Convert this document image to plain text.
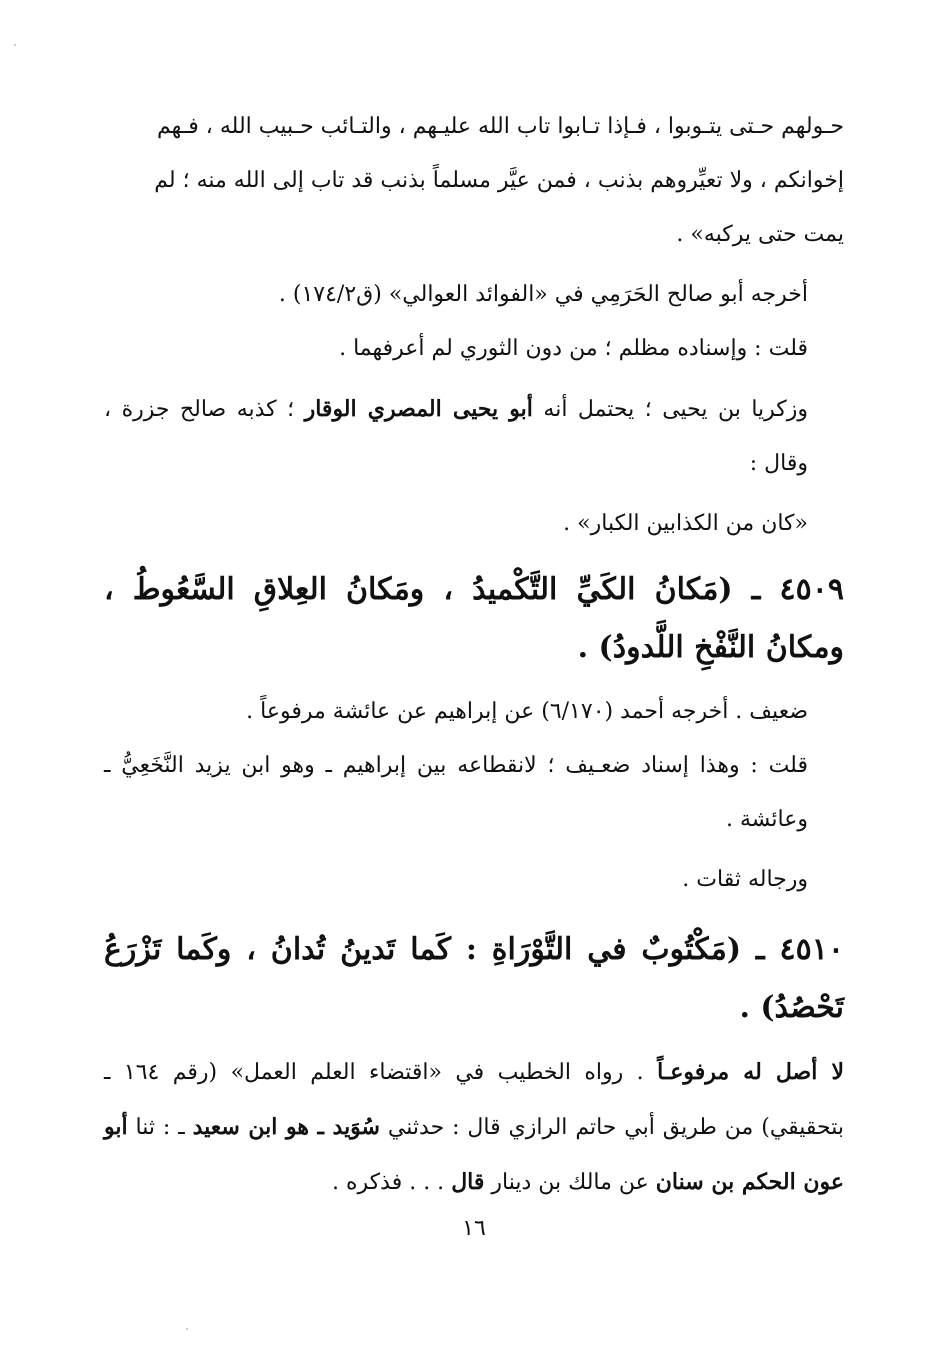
حـولهم حـتى يتـوبوا ، فـإذا تـابوا تاب الله عليـهم ، والتـائب حـبيب الله ، فـهم
إخوانكم ، ولا تعيِّروهم بذنب ، فمن عيَّر مسلماً بذنب قد تاب إلى الله منه ؛ لم
يمت حتى يركبه» .

أخرجه أبو صالح الحَرَمِي في «الفوائد العوالي» (ق١٧٤/٢) .

قلت : وإسناده مظلم ؛ من دون الثوري لم أعرفهما .

وزكريا بن يحيى ؛ يحتمل أنه أبو يحيى المصري الوقار ؛ كذبه صالح جزرة ، وقال :

«كان من الكذابين الكبار» .

٤٥٠٩ ـ (مَكانُ الكَيِّ التَّكْميدُ ، ومَكانُ العِلاقِ السَّعُوطُ ، ومكانُ النَّفْخِ اللَّدودُ) .

ضعيف . أخرجه أحمد (٦/١٧٠) عن إبراهيم عن عائشة مرفوعاً .

قلت : وهذا إسناد ضعـيف ؛ لانقطاعه بين إبراهيم ـ وهو ابن يزيد النَّخَعِيُّ ـ وعائشة .

ورجاله ثقات .

٤٥١٠ ـ (مَكْتُوبٌ في التَّوْرَاةِ : كَما تَدينُ تُدانُ ، وكَما تَزْرَعُ تَحْصُدُ) .

لا أصل له مرفوعـاً . رواه الخطيب في «اقتضاء العلم العمل» (رقم ١٦٤ ـ بتحقيقي) من طريق أبي حاتم الرازي قال : حدثني سُوَيد ـ هو ابن سعيد ـ : ثنا أبو عون الحكم بن سنان عن مالك بن دينار قال . . . فذكره .

١٦
